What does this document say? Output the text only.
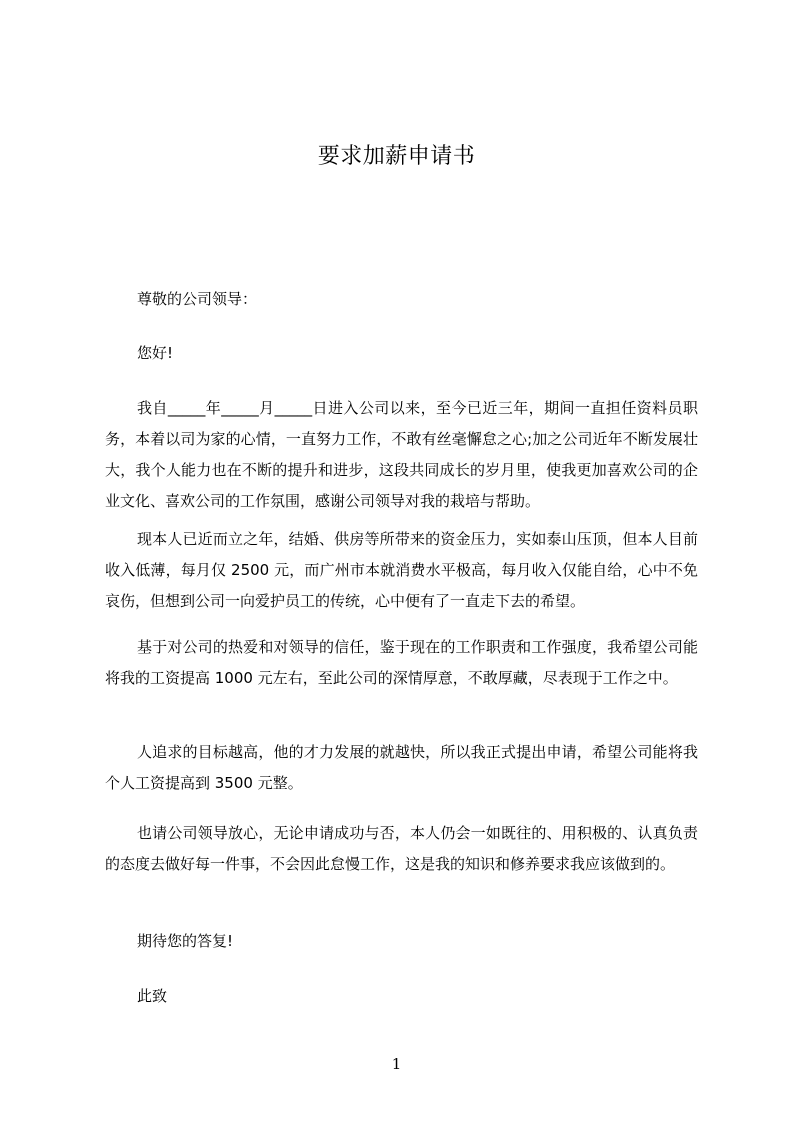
要求加薪申请书

尊敬的公司领导：

您好!

我自_____年_____月_____日进入公司以来，至今已近三年，期间一直担任资料员职务，本着以司为家的心情，一直努力工作，不敢有丝毫懈怠之心;加之公司近年不断发展壮大，我个人能力也在不断的提升和进步，这段共同成长的岁月里，使我更加喜欢公司的企业文化、喜欢公司的工作氛围，感谢公司领导对我的栽培与帮助。

现本人已近而立之年，结婚、供房等所带来的资金压力，实如泰山压顶，但本人目前收入低薄，每月仅 2500 元，而广州市本就消费水平极高，每月收入仅能自给，心中不免哀伤，但想到公司一向爱护员工的传统，心中便有了一直走下去的希望。

基于对公司的热爱和对领导的信任，鉴于现在的工作职责和工作强度，我希望公司能将我的工资提高 1000 元左右，至此公司的深情厚意，不敢厚藏，尽表现于工作之中。

人追求的目标越高，他的才力发展的就越快，所以我正式提出申请，希望公司能将我个人工资提高到 3500 元整。

也请公司领导放心，无论申请成功与否，本人仍会一如既往的、用积极的、认真负责的态度去做好每一件事，不会因此怠慢工作，这是我的知识和修养要求我应该做到的。

期待您的答复!

此致

1
